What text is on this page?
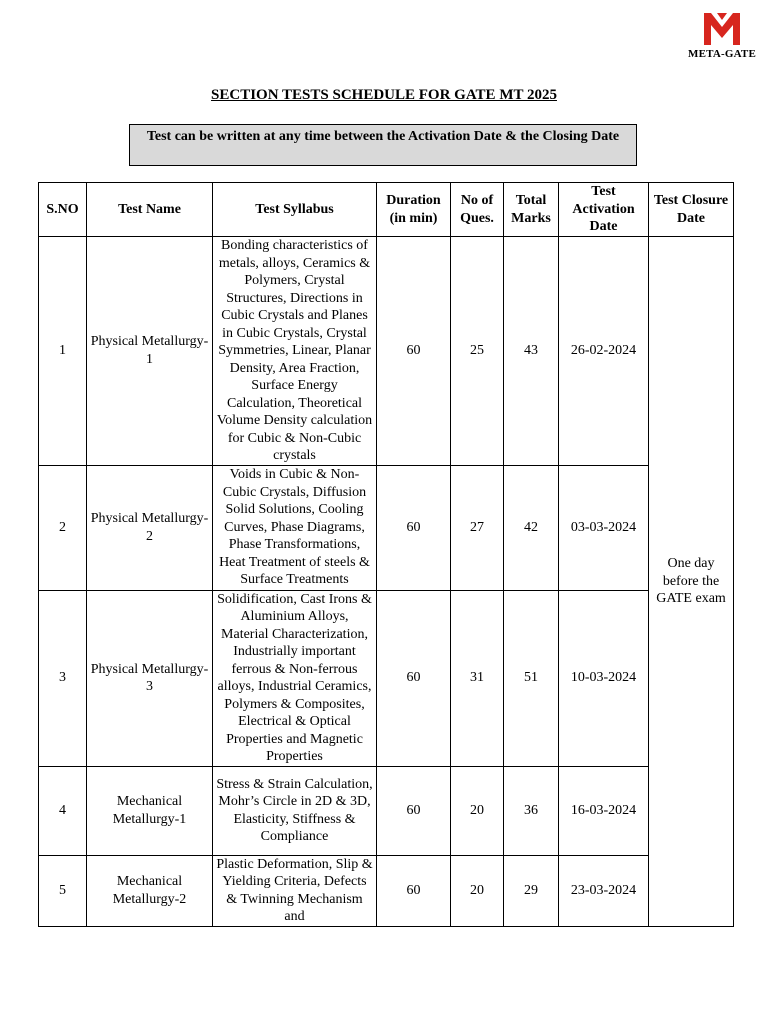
META-GATE
SECTION TESTS SCHEDULE FOR GATE MT 2025
Test can be written at any time between the Activation Date & the Closing Date
S.NO	Test Name	Test Syllabus	Duration (in min)	No of Ques.	Total Marks	Test Activation Date	Test Closure Date
1	Physical Metallurgy-1	Bonding characteristics of metals, alloys, Ceramics & Polymers, Crystal Structures, Directions in Cubic Crystals and Planes in Cubic Crystals, Crystal Symmetries, Linear, Planar Density, Area Fraction, Surface Energy Calculation, Theoretical Volume Density calculation for Cubic & Non-Cubic crystals	60	25	43	26-02-2024	One day before the GATE exam
2	Physical Metallurgy-2	Voids in Cubic & Non-Cubic Crystals, Diffusion Solid Solutions, Cooling Curves, Phase Diagrams, Phase Transformations, Heat Treatment of steels & Surface Treatments	60	27	42	03-03-2024	
3	Physical Metallurgy-3	Solidification, Cast Irons & Aluminium Alloys, Material Characterization, Industrially important ferrous & Non-ferrous alloys, Industrial Ceramics, Polymers & Composites, Electrical & Optical Properties and Magnetic Properties	60	31	51	10-03-2024	
4	Mechanical Metallurgy-1	Stress & Strain Calculation, Mohr’s Circle in 2D & 3D, Elasticity, Stiffness & Compliance	60	20	36	16-03-2024	
5	Mechanical Metallurgy-2	Plastic Deformation, Slip & Yielding Criteria, Defects & Twinning Mechanism and	60	20	29	23-03-2024	
